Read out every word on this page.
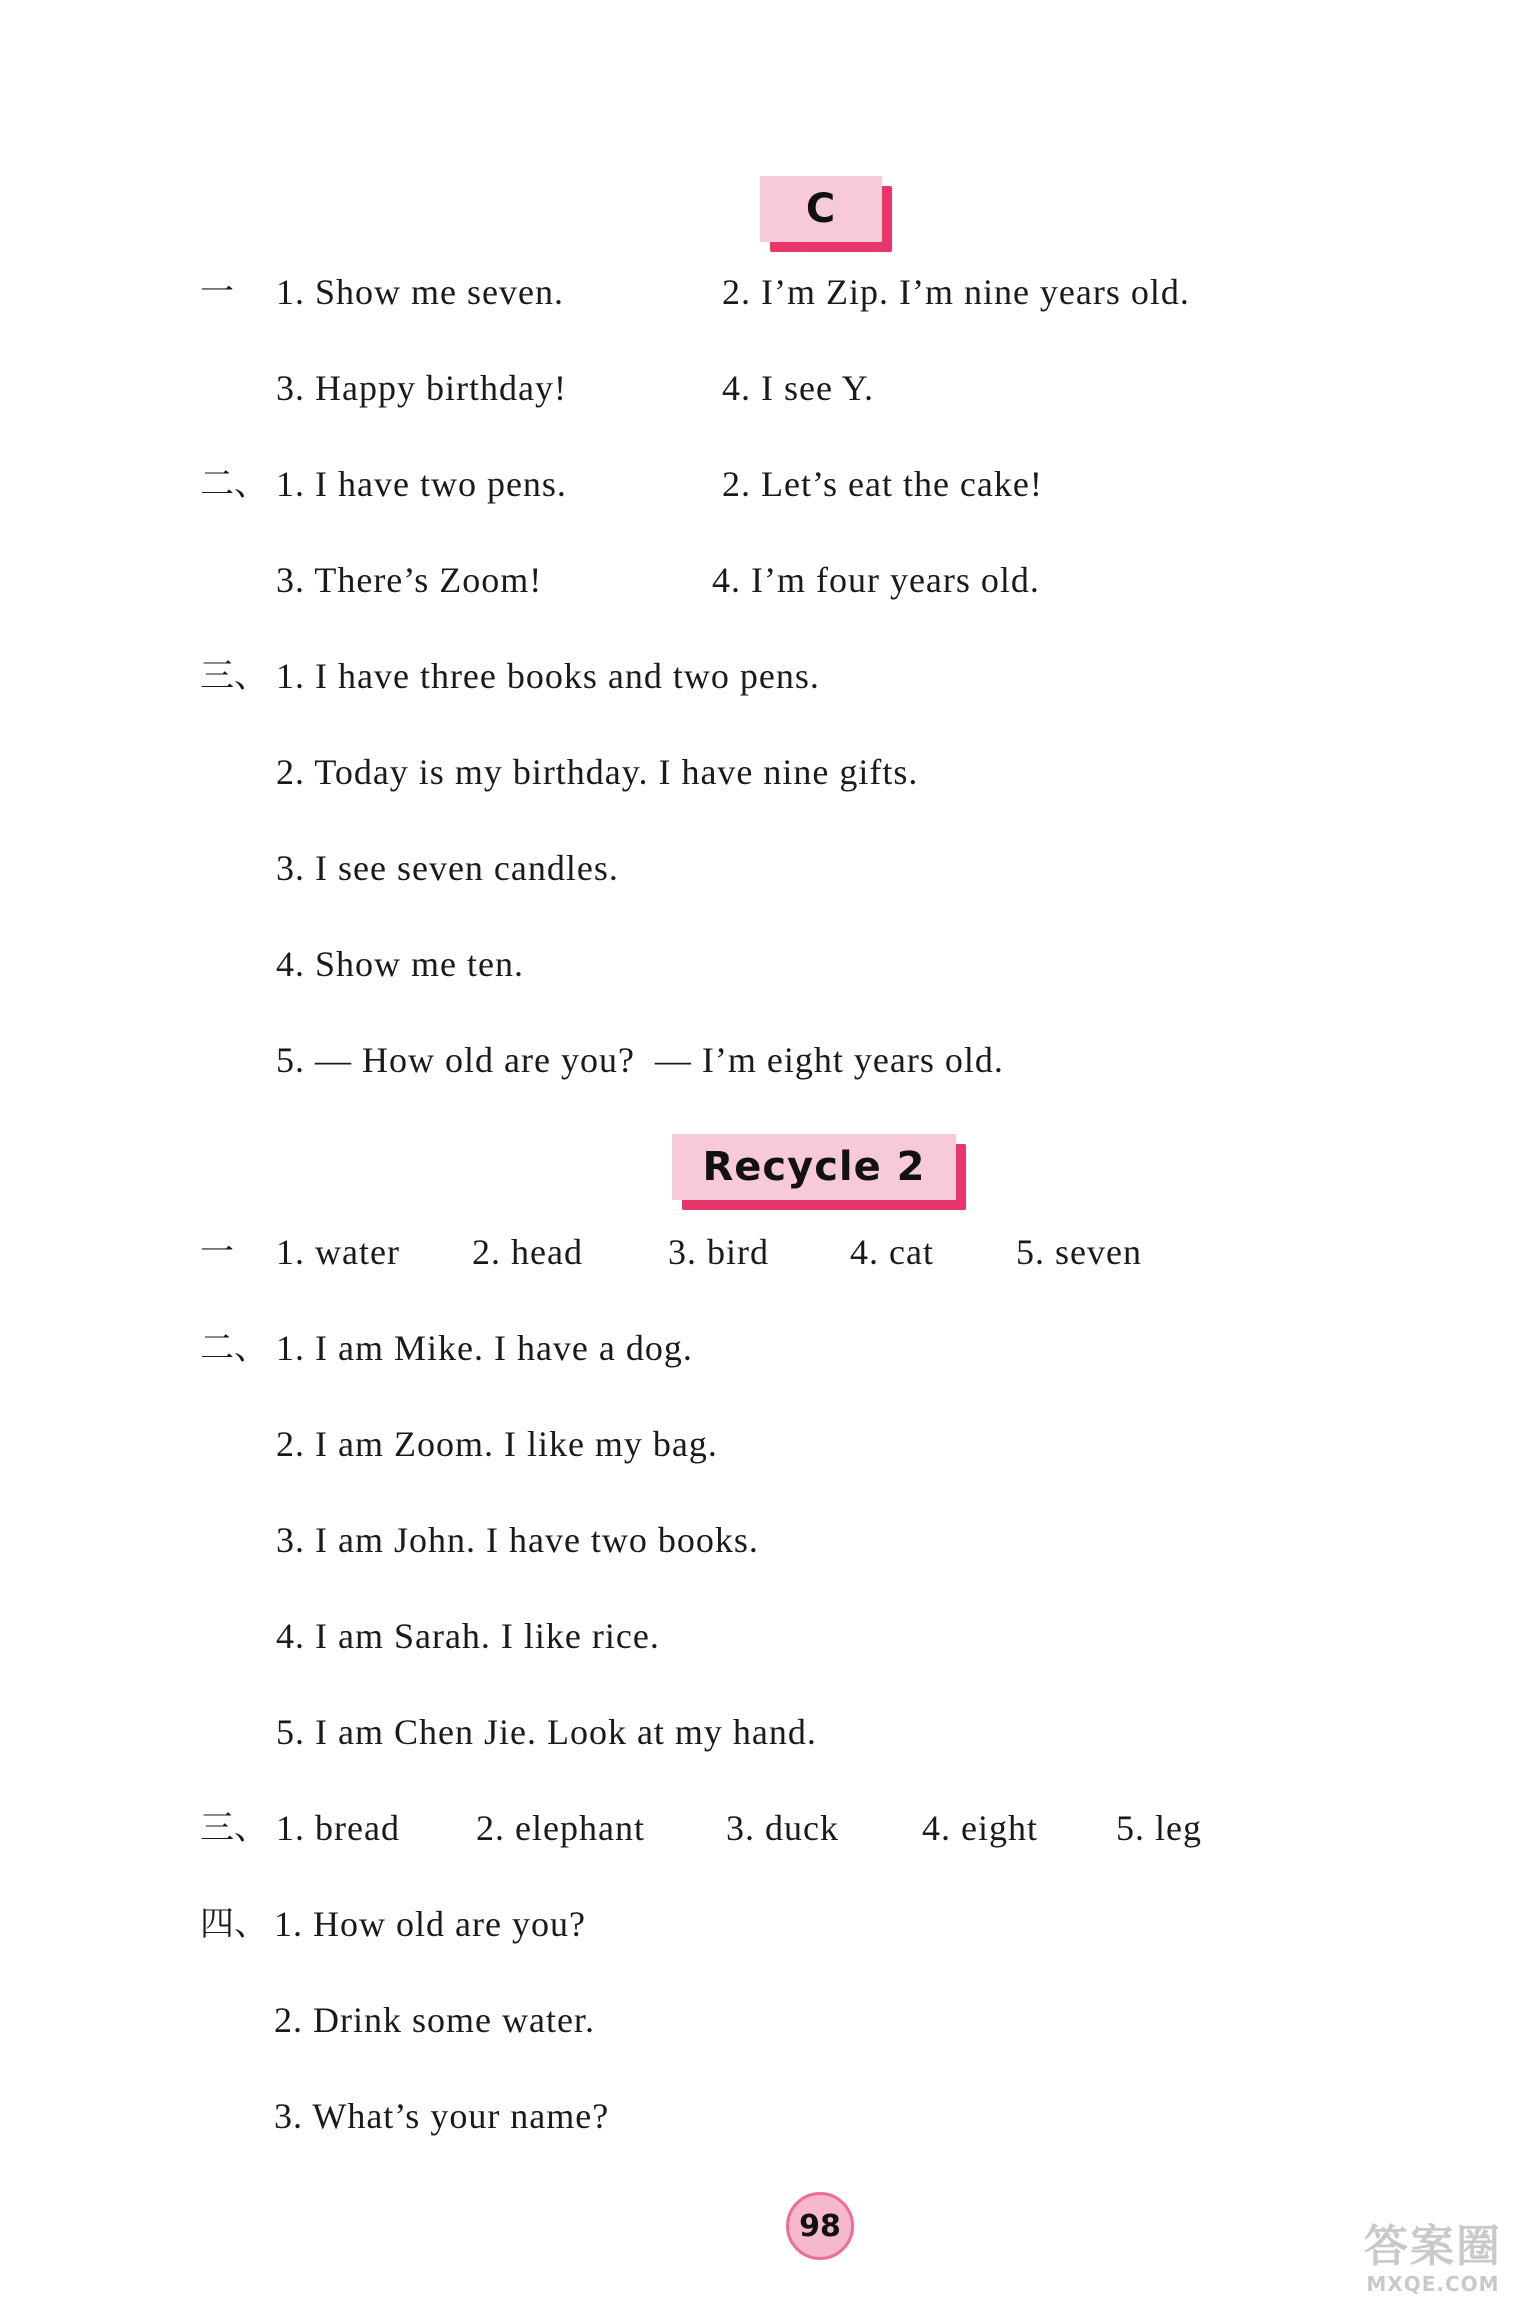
C
一 1. Show me seven.	2. I’m Zip. I’m nine years old.
3. Happy birthday!	4. I see Y.
二、 1. I have two pens.	2. Let’s eat the cake!
3. There’s Zoom!	4. I’m four years old.
三、 1. I have three books and two pens.
2. Today is my birthday. I have nine gifts.
3. I see seven candles.
4. Show me ten.
5. — How old are you?  — I’m eight years old.
Recycle 2
一 1. water 2. head 3. bird 4. cat 5. seven
二、 1. I am Mike. I have a dog.
2. I am Zoom. I like my bag.
3. I am John. I have two books.
4. I am Sarah. I like rice.
5. I am Chen Jie. Look at my hand.
三、 1. bread 2. elephant 3. duck 4. eight 5. leg
四、 1. How old are you?
2. Drink some water.
3. What’s your name?
98	答案圈
MXQE.COM
